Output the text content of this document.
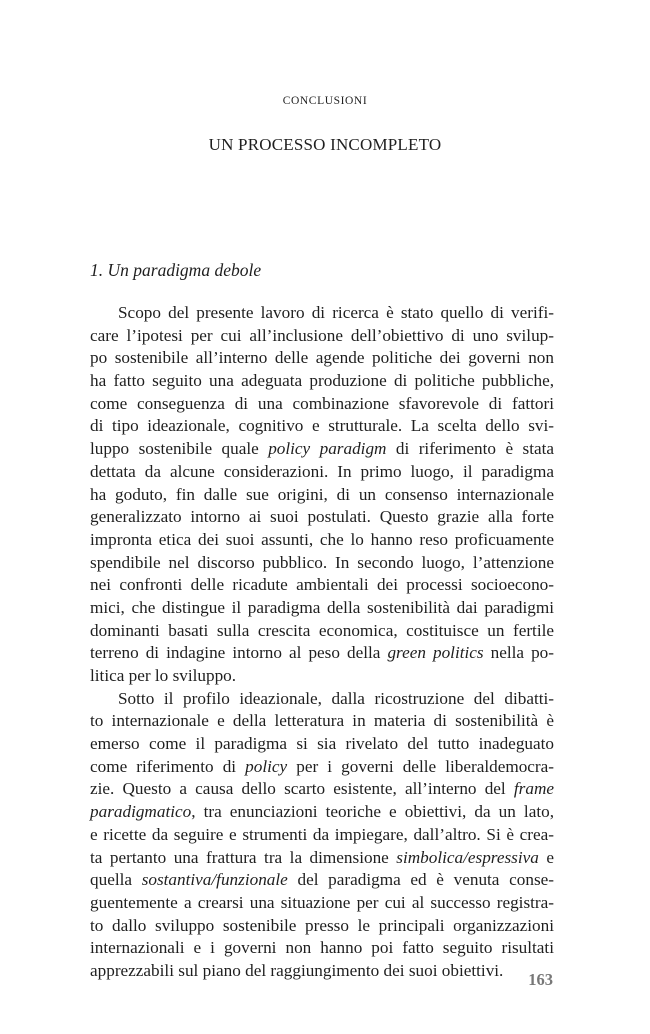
CONCLUSIONI
UN PROCESSO INCOMPLETO
1. Un paradigma debole
Scopo del presente lavoro di ricerca è stato quello di verifi-
care l’ipotesi per cui all’inclusione dell’obiettivo di uno svilup-
po sostenibile all’interno delle agende politiche dei governi non
ha fatto seguito una adeguata produzione di politiche pubbliche,
come conseguenza di una combinazione sfavorevole di fattori
di tipo ideazionale, cognitivo e strutturale. La scelta dello svi-
luppo sostenibile quale policy paradigm di riferimento è stata
dettata da alcune considerazioni. In primo luogo, il paradigma
ha goduto, fin dalle sue origini, di un consenso internazionale
generalizzato intorno ai suoi postulati. Questo grazie alla forte
impronta etica dei suoi assunti, che lo hanno reso proficuamente
spendibile nel discorso pubblico. In secondo luogo, l’attenzione
nei confronti delle ricadute ambientali dei processi socioecono-
mici, che distingue il paradigma della sostenibilità dai paradigmi
dominanti basati sulla crescita economica, costituisce un fertile
terreno di indagine intorno al peso della green politics nella po-
litica per lo sviluppo.
Sotto il profilo ideazionale, dalla ricostruzione del dibatti-
to internazionale e della letteratura in materia di sostenibilità è
emerso come il paradigma si sia rivelato del tutto inadeguato
come riferimento di policy per i governi delle liberaldemocra-
zie. Questo a causa dello scarto esistente, all’interno del frame
paradigmatico, tra enunciazioni teoriche e obiettivi, da un lato,
e ricette da seguire e strumenti da impiegare, dall’altro. Si è crea-
ta pertanto una frattura tra la dimensione simbolica/espressiva e
quella sostantiva/funzionale del paradigma ed è venuta conse-
guentemente a crearsi una situazione per cui al successo registra-
to dallo sviluppo sostenibile presso le principali organizzazioni
internazionali e i governi non hanno poi fatto seguito risultati
apprezzabili sul piano del raggiungimento dei suoi obiettivi.	163
